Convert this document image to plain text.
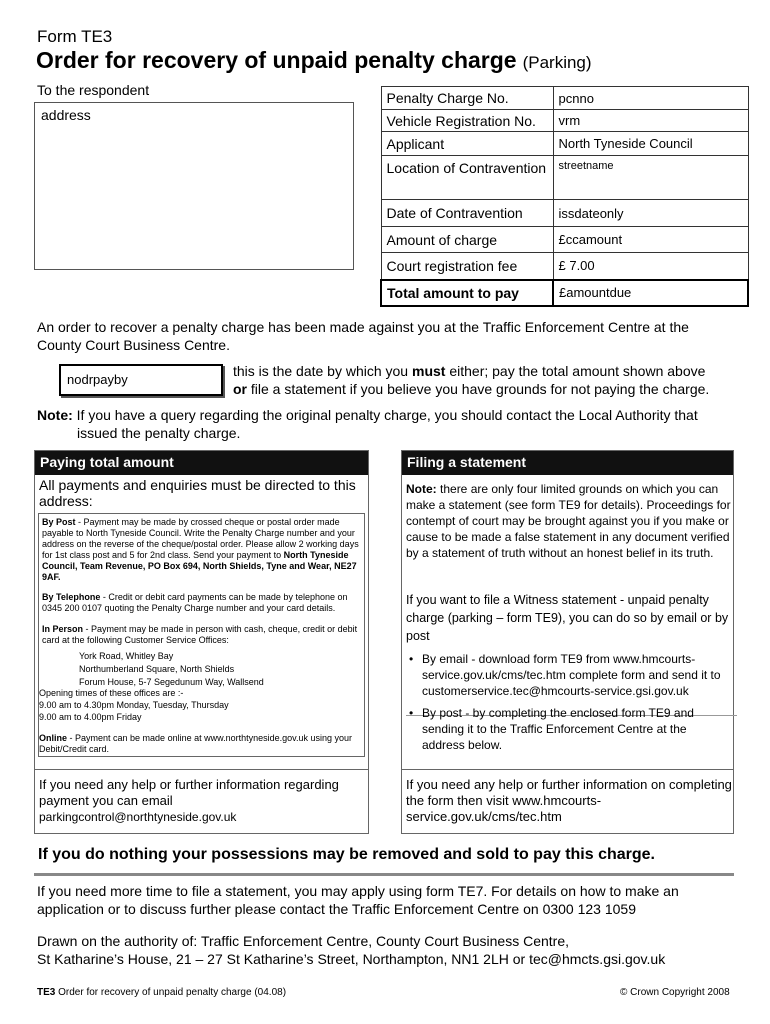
Form TE3
Order for recovery of unpaid penalty charge (Parking)
To the respondent
address
Penalty Charge No.	pcnno
Vehicle Registration No.	vrm
Applicant	North Tyneside Council
Location of Contravention	streetname
Date of Contravention	issdateonly
Amount of charge	£ccamount
Court registration fee	£ 7.00
Total amount to pay	£amountdue
An order to recover a penalty charge has been made against you at the Traffic Enforcement Centre at the County Court Business Centre.
nodrpayby
this is the date by which you must either; pay the total amount shown above
or file a statement if you believe you have grounds for not paying the charge.
Note: If you have a query regarding the original penalty charge, you should contact the Local Authority that
issued the penalty charge.
Paying total amount
All payments and enquiries must be directed to this address:
By Post - Payment may be made by crossed cheque or postal order made payable to North Tyneside Council. Write the Penalty Charge number and your address on the reverse of the cheque/postal order. Please allow 2 working days for 1st class post and 5 for 2nd class. Send your payment to North Tyneside Council, Team Revenue, PO Box 694, North Shields, Tyne and Wear, NE27 9AF.
By Telephone - Credit or debit card payments can be made by telephone on 0345 200 0107 quoting the Penalty Charge number and your card details.
In Person - Payment may be made in person with cash, cheque, credit or debit card at the following Customer Service Offices:
York Road, Whitley Bay
Northumberland Square, North Shields
Forum House, 5-7 Segedunum Way, Wallsend
Opening times of these offices are :-
9.00 am to 4.30pm Monday, Tuesday, Thursday
9.00 am to 4.00pm Friday
Online - Payment can be made online at www.northtyneside.gov.uk using your Debit/Credit card.
If you need any help or further information regarding payment you can email
parkingcontrol@northtyneside.gov.uk
Filing a statement
Note: there are only four limited grounds on which you can make a statement (see form TE9 for details). Proceedings for contempt of court may be brought against you if you make or cause to be made a false statement in any document verified by a statement of truth without an honest belief in its truth.
If you want to file a Witness statement - unpaid penalty charge (parking – form TE9), you can do so by email or by post
• By email - download form TE9 from www.hmcourts-service.gov.uk/cms/tec.htm complete form and send it to customerservice.tec@hmcourts-service.gsi.gov.uk
• By post - by completing the enclosed form TE9 and sending it to the Traffic Enforcement Centre at the address below.
If you need any help or further information on completing the form then visit www.hmcourts-service.gov.uk/cms/tec.htm
If you do nothing your possessions may be removed and sold to pay this charge.
If you need more time to file a statement, you may apply using form TE7. For details on how to make an application or to discuss further please contact the Traffic Enforcement Centre on 0300 123 1059
Drawn on the authority of: Traffic Enforcement Centre, County Court Business Centre,
St Katharine’s House, 21 – 27 St Katharine’s Street, Northampton, NN1 2LH or tec@hmcts.gsi.gov.uk
TE3 Order for recovery of unpaid penalty charge (04.08)	© Crown Copyright 2008
